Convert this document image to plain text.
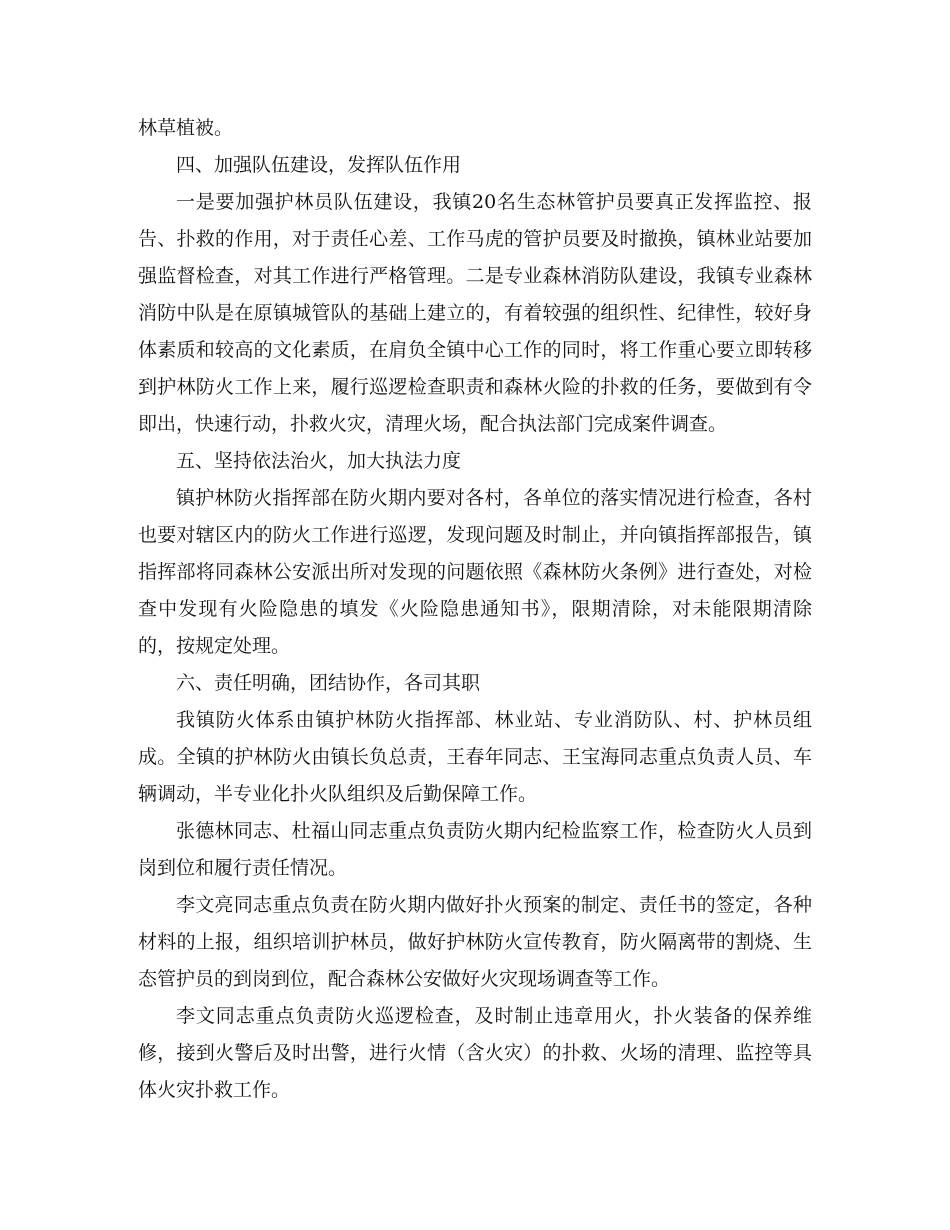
林草植被。

四、加强队伍建设，发挥队伍作用

一是要加强护林员队伍建设，我镇20名生态林管护员要真正发挥监控、报告、扑救的作用，对于责任心差、工作马虎的管护员要及时撤换，镇林业站要加强监督检查，对其工作进行严格管理。二是专业森林消防队建设，我镇专业森林消防中队是在原镇城管队的基础上建立的，有着较强的组织性、纪律性，较好身体素质和较高的文化素质，在肩负全镇中心工作的同时，将工作重心要立即转移到护林防火工作上来，履行巡逻检查职责和森林火险的扑救的任务，要做到有令即出，快速行动，扑救火灾，清理火场，配合执法部门完成案件调查。

五、坚持依法治火，加大执法力度

镇护林防火指挥部在防火期内要对各村，各单位的落实情况进行检查，各村也要对辖区内的防火工作进行巡逻，发现问题及时制止，并向镇指挥部报告，镇指挥部将同森林公安派出所对发现的问题依照《森林防火条例》进行查处，对检查中发现有火险隐患的填发《火险隐患通知书》，限期清除，对未能限期清除的，按规定处理。

六、责任明确，团结协作，各司其职

我镇防火体系由镇护林防火指挥部、林业站、专业消防队、村、护林员组成。全镇的护林防火由镇长负总责，王春年同志、王宝海同志重点负责人员、车辆调动，半专业化扑火队组织及后勤保障工作。

张德林同志、杜福山同志重点负责防火期内纪检监察工作，检查防火人员到岗到位和履行责任情况。

李文亮同志重点负责在防火期内做好扑火预案的制定、责任书的签定，各种材料的上报，组织培训护林员，做好护林防火宣传教育，防火隔离带的割烧、生态管护员的到岗到位，配合森林公安做好火灾现场调查等工作。

李文同志重点负责防火巡逻检查，及时制止违章用火，扑火装备的保养维修，接到火警后及时出警，进行火情（含火灾）的扑救、火场的清理、监控等具体火灾扑救工作。
